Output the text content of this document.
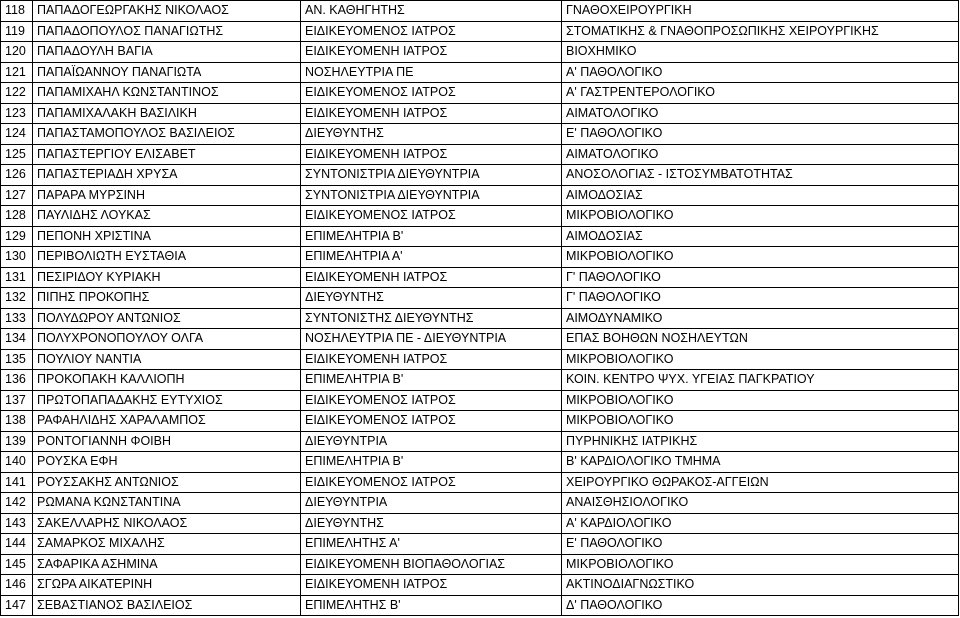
118	ΠΑΠΑΔΟΓΕΩΡΓΑΚΗΣ ΝΙΚΟΛΑΟΣ	ΑΝ. ΚΑΘΗΓΗΤΗΣ	ΓΝΑΘΟΧΕΙΡΟΥΡΓΙΚΗ
119	ΠΑΠΑΔΟΠΟΥΛΟΣ ΠΑΝΑΓΙΩΤΗΣ	ΕΙΔΙΚΕΥΟΜΕΝΟΣ ΙΑΤΡΟΣ	ΣΤΟΜΑΤΙΚΗΣ & ΓΝΑΘΟΠΡΟΣΩΠΙΚΗΣ ΧΕΙΡΟΥΡΓΙΚΗΣ
120	ΠΑΠΑΔΟΥΛΗ ΒΑΓΙΑ	ΕΙΔΙΚΕΥΟΜΕΝΗ ΙΑΤΡΟΣ	ΒΙΟΧΗΜΙΚΟ
121	ΠΑΠΑΪΩΑΝΝΟΥ ΠΑΝΑΓΙΩΤΑ	ΝΟΣΗΛΕΥΤΡΙΑ ΠΕ	Α' ΠΑΘΟΛΟΓΙΚΟ
122	ΠΑΠΑΜΙΧΑΗΛ ΚΩΝΣΤΑΝΤΙΝΟΣ	ΕΙΔΙΚΕΥΟΜΕΝΟΣ ΙΑΤΡΟΣ	Α' ΓΑΣΤΡΕΝΤΕΡΟΛΟΓΙΚΟ
123	ΠΑΠΑΜΙΧΑΛΑΚΗ ΒΑΣΙΛΙΚΗ	ΕΙΔΙΚΕΥΟΜΕΝΗ ΙΑΤΡΟΣ	ΑΙΜΑΤΟΛΟΓΙΚΟ
124	ΠΑΠΑΣΤΑΜΟΠΟΥΛΟΣ ΒΑΣΙΛΕΙΟΣ	ΔΙΕΥΘΥΝΤΗΣ	Ε' ΠΑΘΟΛΟΓΙΚΟ
125	ΠΑΠΑΣΤΕΡΓΙΟΥ ΕΛΙΣΑΒΕΤ	ΕΙΔΙΚΕΥΟΜΕΝΗ ΙΑΤΡΟΣ	ΑΙΜΑΤΟΛΟΓΙΚΟ
126	ΠΑΠΑΣΤΕΡΙΑΔΗ ΧΡΥΣΑ	ΣΥΝΤΟΝΙΣΤΡΙΑ ΔΙΕΥΘΥΝΤΡΙΑ	ΑΝΟΣΟΛΟΓΙΑΣ - ΙΣΤΟΣΥΜΒΑΤΟΤΗΤΑΣ
127	ΠΑΡΑΡΑ ΜΥΡΣΙΝΗ	ΣΥΝΤΟΝΙΣΤΡΙΑ ΔΙΕΥΘΥΝΤΡΙΑ	ΑΙΜΟΔΟΣΙΑΣ
128	ΠΑΥΛΙΔΗΣ ΛΟΥΚΑΣ	ΕΙΔΙΚΕΥΟΜΕΝΟΣ ΙΑΤΡΟΣ	ΜΙΚΡΟΒΙΟΛΟΓΙΚΟ
129	ΠΕΠΟΝΗ ΧΡΙΣΤΙΝΑ	ΕΠΙΜΕΛΗΤΡΙΑ Β'	ΑΙΜΟΔΟΣΙΑΣ
130	ΠΕΡΙΒΟΛΙΩΤΗ ΕΥΣΤΑΘΙΑ	ΕΠΙΜΕΛΗΤΡΙΑ Α'	ΜΙΚΡΟΒΙΟΛΟΓΙΚΟ
131	ΠΕΣΙΡΙΔΟΥ ΚΥΡΙΑΚΗ	ΕΙΔΙΚΕΥΟΜΕΝΗ ΙΑΤΡΟΣ	Γ' ΠΑΘΟΛΟΓΙΚΟ
132	ΠΙΠΗΣ ΠΡΟΚΟΠΗΣ	ΔΙΕΥΘΥΝΤΗΣ	Γ' ΠΑΘΟΛΟΓΙΚΟ
133	ΠΟΛΥΔΩΡΟΥ ΑΝΤΩΝΙΟΣ	ΣΥΝΤΟΝΙΣΤΗΣ ΔΙΕΥΘΥΝΤΗΣ	ΑΙΜΟΔΥΝΑΜΙΚΟ
134	ΠΟΛΥΧΡΟΝΟΠΟΥΛΟΥ ΟΛΓΑ	ΝΟΣΗΛΕΥΤΡΙΑ ΠΕ - ΔΙΕΥΘΥΝΤΡΙΑ	ΕΠΑΣ ΒΟΗΘΩΝ ΝΟΣΗΛΕΥΤΩΝ
135	ΠΟΥΛΙΟΥ ΝΑΝΤΙΑ	ΕΙΔΙΚΕΥΟΜΕΝΗ ΙΑΤΡΟΣ	ΜΙΚΡΟΒΙΟΛΟΓΙΚΟ
136	ΠΡΟΚΟΠΑΚΗ ΚΑΛΛΙΟΠΗ	ΕΠΙΜΕΛΗΤΡΙΑ Β'	ΚΟΙΝ. ΚΕΝΤΡΟ ΨΥΧ. ΥΓΕΙΑΣ ΠΑΓΚΡΑΤΙΟΥ
137	ΠΡΩΤΟΠΑΠΑΔΑΚΗΣ ΕΥΤΥΧΙΟΣ	ΕΙΔΙΚΕΥΟΜΕΝΟΣ ΙΑΤΡΟΣ	ΜΙΚΡΟΒΙΟΛΟΓΙΚΟ
138	ΡΑΦΑΗΛΙΔΗΣ ΧΑΡΑΛΑΜΠΟΣ	ΕΙΔΙΚΕΥΟΜΕΝΟΣ ΙΑΤΡΟΣ	ΜΙΚΡΟΒΙΟΛΟΓΙΚΟ
139	ΡΟΝΤΟΓΙΑΝΝΗ ΦΟΙΒΗ	ΔΙΕΥΘΥΝΤΡΙΑ	ΠΥΡΗΝΙΚΗΣ ΙΑΤΡΙΚΗΣ
140	ΡΟΥΣΚΑ ΕΦΗ	ΕΠΙΜΕΛΗΤΡΙΑ Β'	Β' ΚΑΡΔΙΟΛΟΓΙΚΟ ΤΜΗΜΑ
141	ΡΟΥΣΣΑΚΗΣ ΑΝΤΩΝΙΟΣ	ΕΙΔΙΚΕΥΟΜΕΝΟΣ ΙΑΤΡΟΣ	ΧΕΙΡΟΥΡΓΙΚΟ ΘΩΡΑΚΟΣ-ΑΓΓΕΙΩΝ
142	ΡΩΜΑΝΑ ΚΩΝΣΤΑΝΤΙΝΑ	ΔΙΕΥΘΥΝΤΡΙΑ	ΑΝΑΙΣΘΗΣΙΟΛΟΓΙΚΟ
143	ΣΑΚΕΛΛΑΡΗΣ ΝΙΚΟΛΑΟΣ	ΔΙΕΥΘΥΝΤΗΣ	Α' ΚΑΡΔΙΟΛΟΓΙΚΟ
144	ΣΑΜΑΡΚΟΣ ΜΙΧΑΛΗΣ	ΕΠΙΜΕΛΗΤΗΣ Α'	Ε' ΠΑΘΟΛΟΓΙΚΟ
145	ΣΑΦΑΡΙΚΑ ΑΣΗΜΙΝΑ	ΕΙΔΙΚΕΥΟΜΕΝΗ ΒΙΟΠΑΘΟΛΟΓΙΑΣ	ΜΙΚΡΟΒΙΟΛΟΓΙΚΟ
146	ΣΓΩΡΑ ΑΙΚΑΤΕΡΙΝΗ	ΕΙΔΙΚΕΥΟΜΕΝΗ ΙΑΤΡΟΣ	ΑΚΤΙΝΟΔΙΑΓΝΩΣΤΙΚΟ
147	ΣΕΒΑΣΤΙΑΝΟΣ ΒΑΣΙΛΕΙΟΣ	ΕΠΙΜΕΛΗΤΗΣ Β'	Δ' ΠΑΘΟΛΟΓΙΚΟ
